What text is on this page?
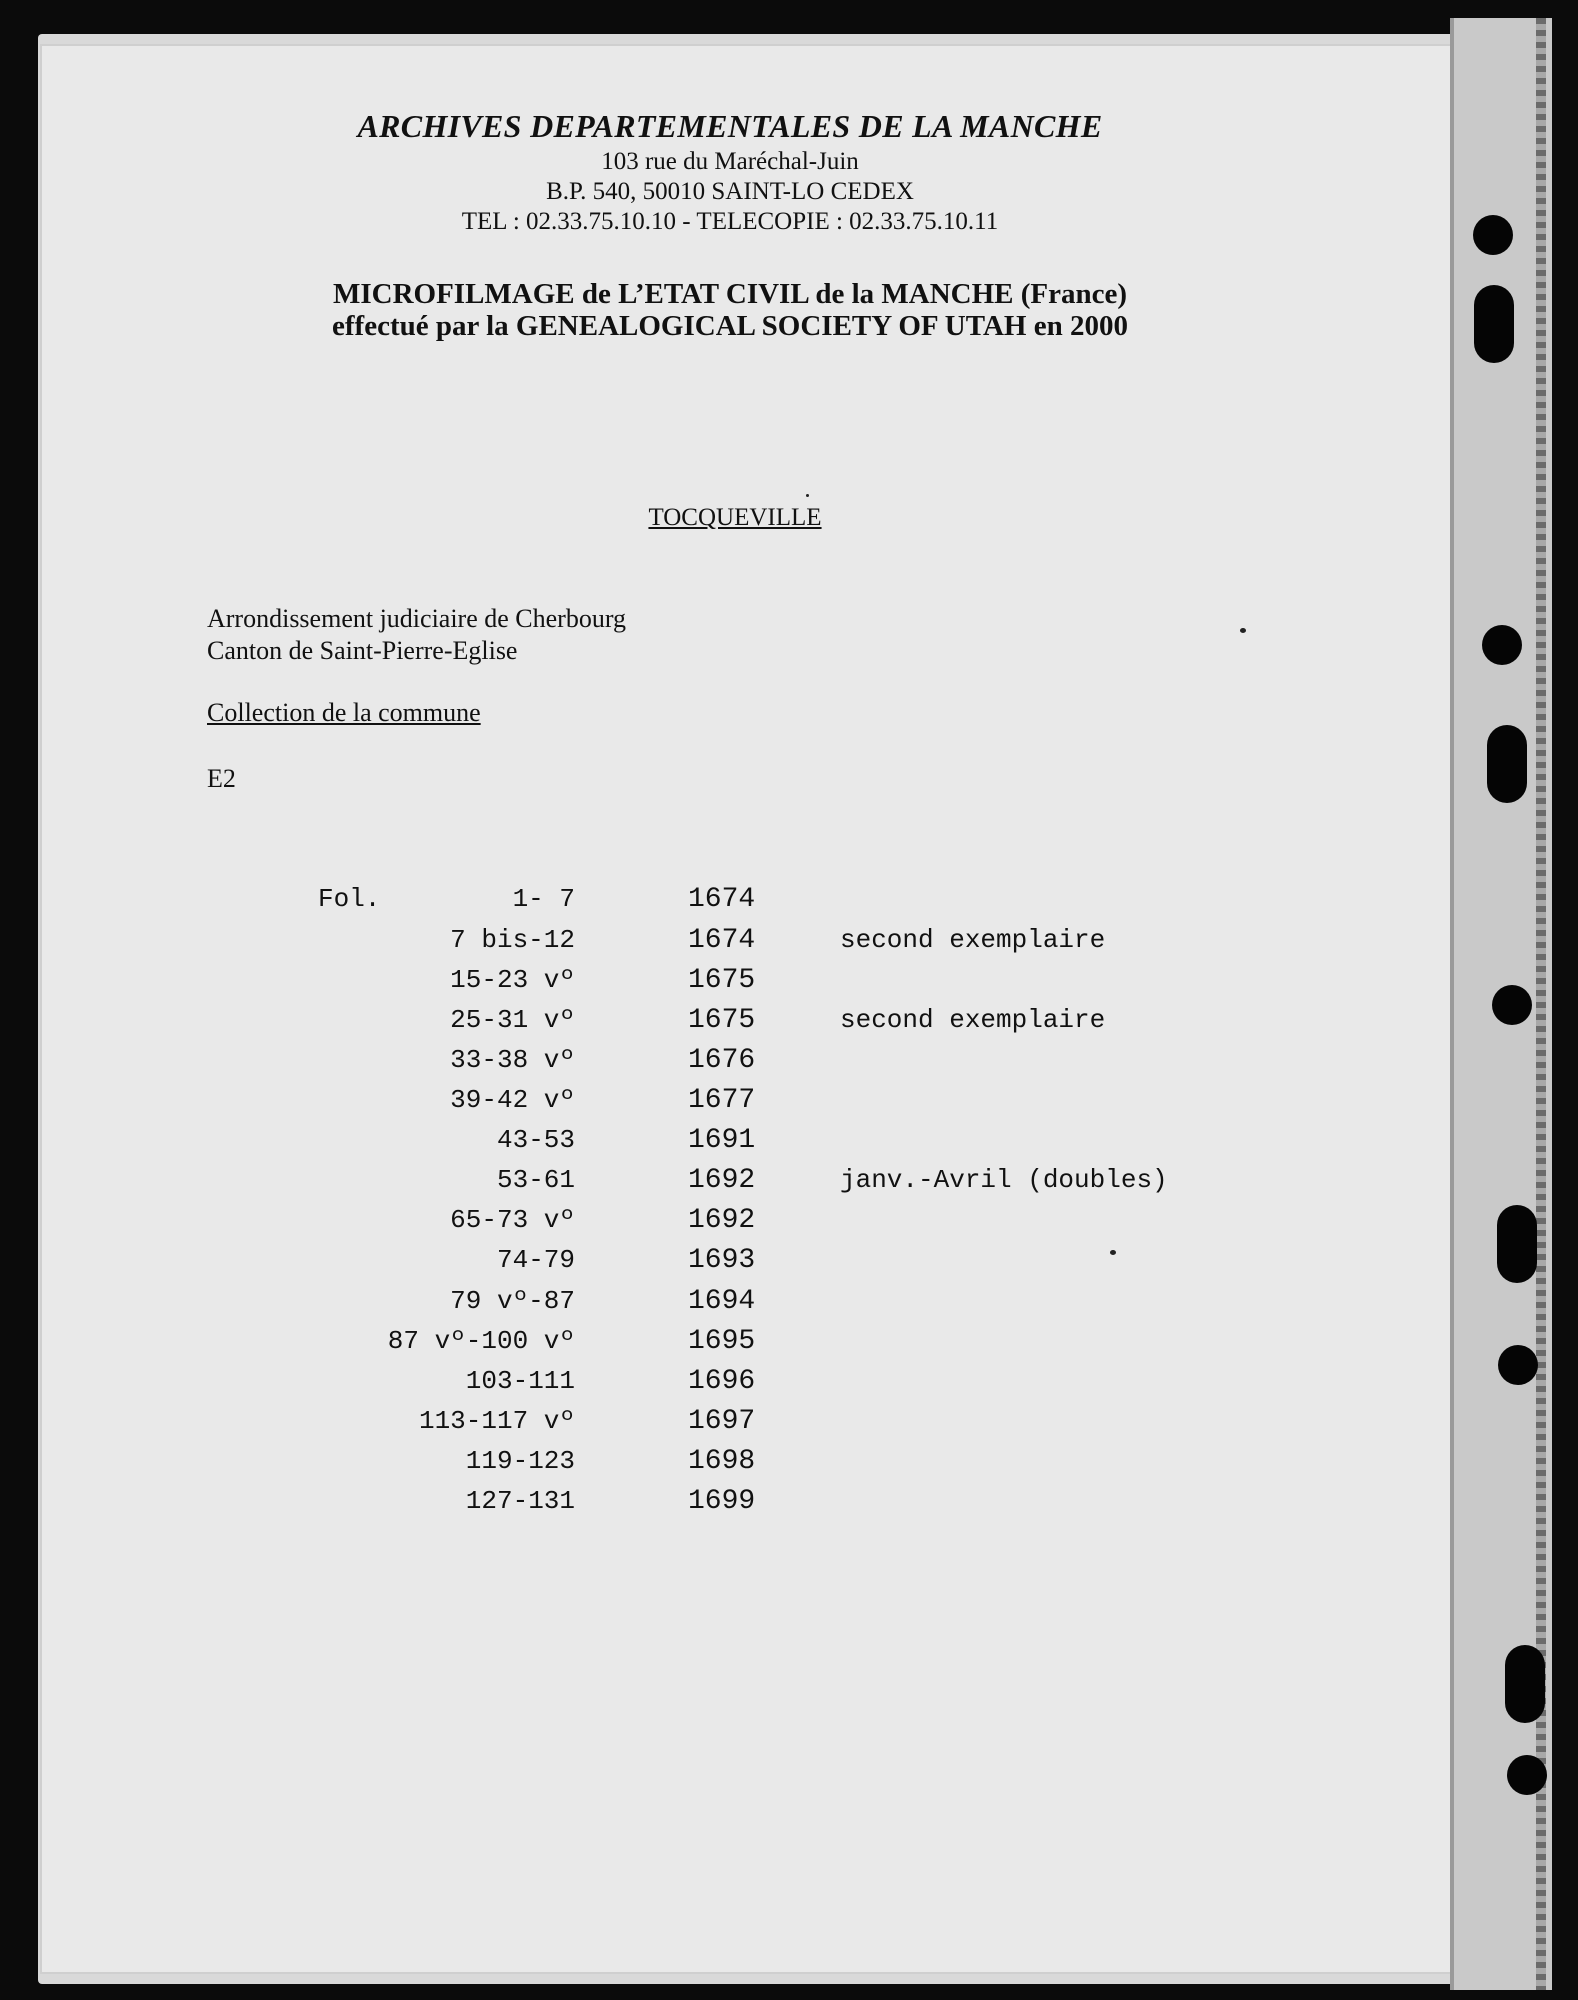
ARCHIVES DEPARTEMENTALES DE LA MANCHE
103 rue du Maréchal-Juin
B.P. 540, 50010 SAINT-LO CEDEX
TEL : 02.33.75.10.10 - TELECOPIE : 02.33.75.10.11
MICROFILMAGE de L’ETAT CIVIL de la MANCHE (France)
effectué par la GENEALOGICAL SOCIETY OF UTAH en 2000
TOCQUEVILLE
Arrondissement judiciaire de Cherbourg
Canton de Saint-Pierre-Eglise
Collection de la commune
E2
Fol.	1- 7	1674
7 bis-12	1674	second exemplaire
15-23 vº	1675
25-31 vº	1675	second exemplaire
33-38 vº	1676
39-42 vº	1677
43-53	1691
53-61	1692	janv.-Avril (doubles)
65-73 vº	1692
74-79	1693
79 vº-87	1694
87 vº-100 vº	1695
103-111	1696
113-117 vº	1697
119-123	1698
127-131	1699
